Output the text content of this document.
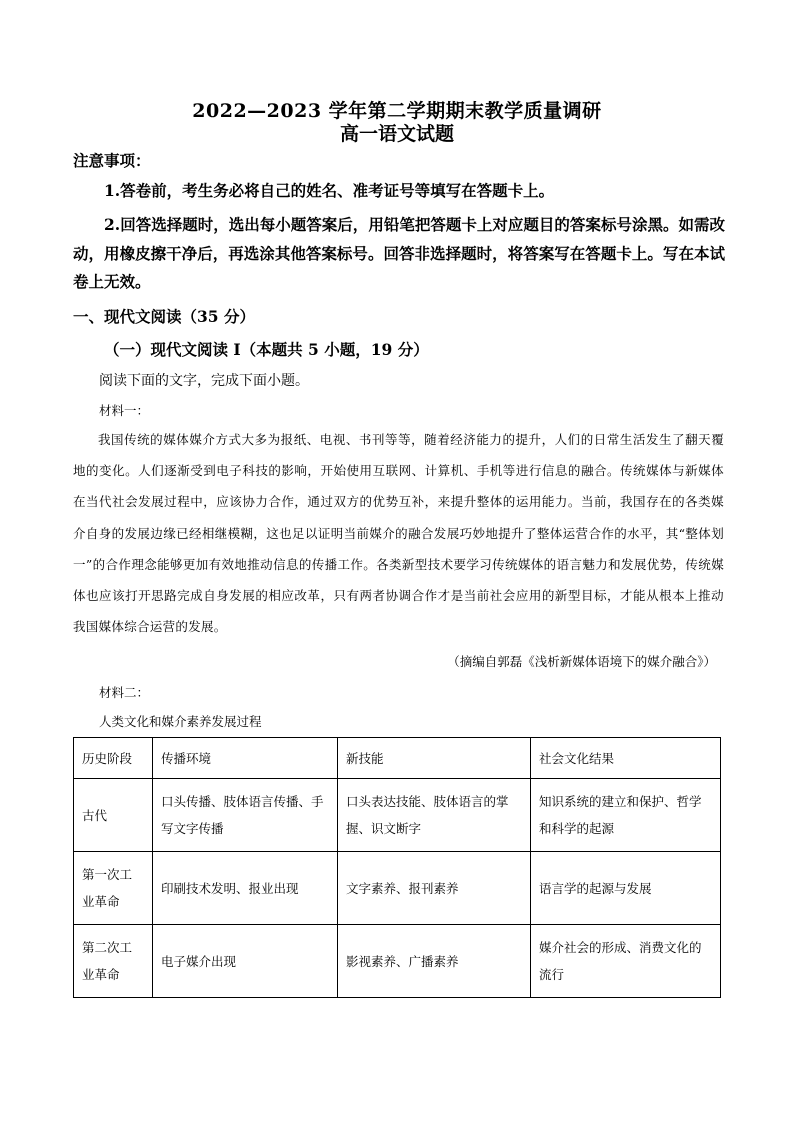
2022—2023 学年第二学期期末教学质量调研
高一语文试题
注意事项：
1.答卷前，考生务必将自己的姓名、准考证号等填写在答题卡上。
2.回答选择题时，选出每小题答案后，用铅笔把答题卡上对应题目的答案标号涂黑。如需改动，用橡皮擦干净后，再选涂其他答案标号。回答非选择题时，将答案写在答题卡上。写在本试卷上无效。
一、现代文阅读（35 分）
（一）现代文阅读 I（本题共 5 小题，19 分）
阅读下面的文字，完成下面小题。
材料一：
我国传统的媒体媒介方式大多为报纸、电视、书刊等等，随着经济能力的提升，人们的日常生活发生了翻天覆地的变化。人们逐渐受到电子科技的影响，开始使用互联网、计算机、手机等进行信息的融合。传统媒体与新媒体在当代社会发展过程中，应该协力合作，通过双方的优势互补，来提升整体的运用能力。当前，我国存在的各类媒介自身的发展边缘已经相继模糊，这也足以证明当前媒介的融合发展巧妙地提升了整体运营合作的水平，其“整体划一”的合作理念能够更加有效地推动信息的传播工作。各类新型技术要学习传统媒体的语言魅力和发展优势，传统媒体也应该打开思路完成自身发展的相应改革，只有两者协调合作才是当前社会应用的新型目标，才能从根本上推动我国媒体综合运营的发展。
（摘编自郭磊《浅析新媒体语境下的媒介融合》）
材料二：
人类文化和媒介素养发展过程
历史阶段	传播环境	新技能	社会文化结果
古代	口头传播、肢体语言传播、手写文字传播	口头表达技能、肢体语言的掌握、识文断字	知识系统的建立和保护、哲学和科学的起源
第一次工业革命	印刷技术发明、报业出现	文字素养、报刊素养	语言学的起源与发展
第二次工业革命	电子媒介出现	影视素养、广播素养	媒介社会的形成、消费文化的流行
